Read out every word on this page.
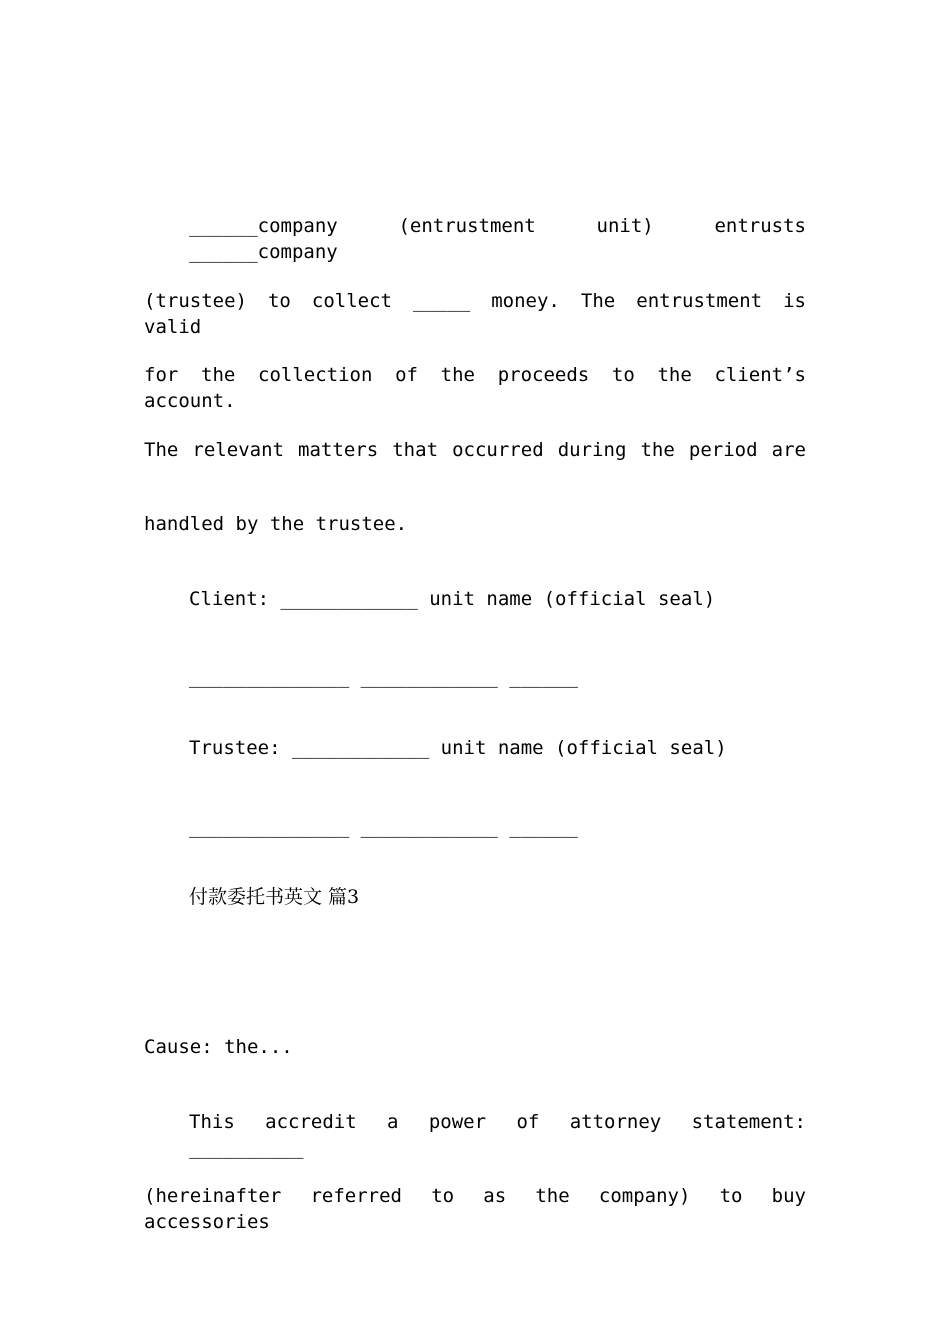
______company (entrustment unit) entrusts ______company
(trustee) to collect _____ money. The entrustment is valid
for the collection of the proceeds to the client’s account.
The relevant matters that occurred during the period are
handled by the trustee.
Client: ____________ unit name (official seal)
______________ ____________ ______
Trustee: ____________ unit name (official seal)
______________ ____________ ______
付款委托书英文 篇3
Cause: the...
This accredit a power of attorney statement: __________
(hereinafter referred to as the company) to buy accessories
